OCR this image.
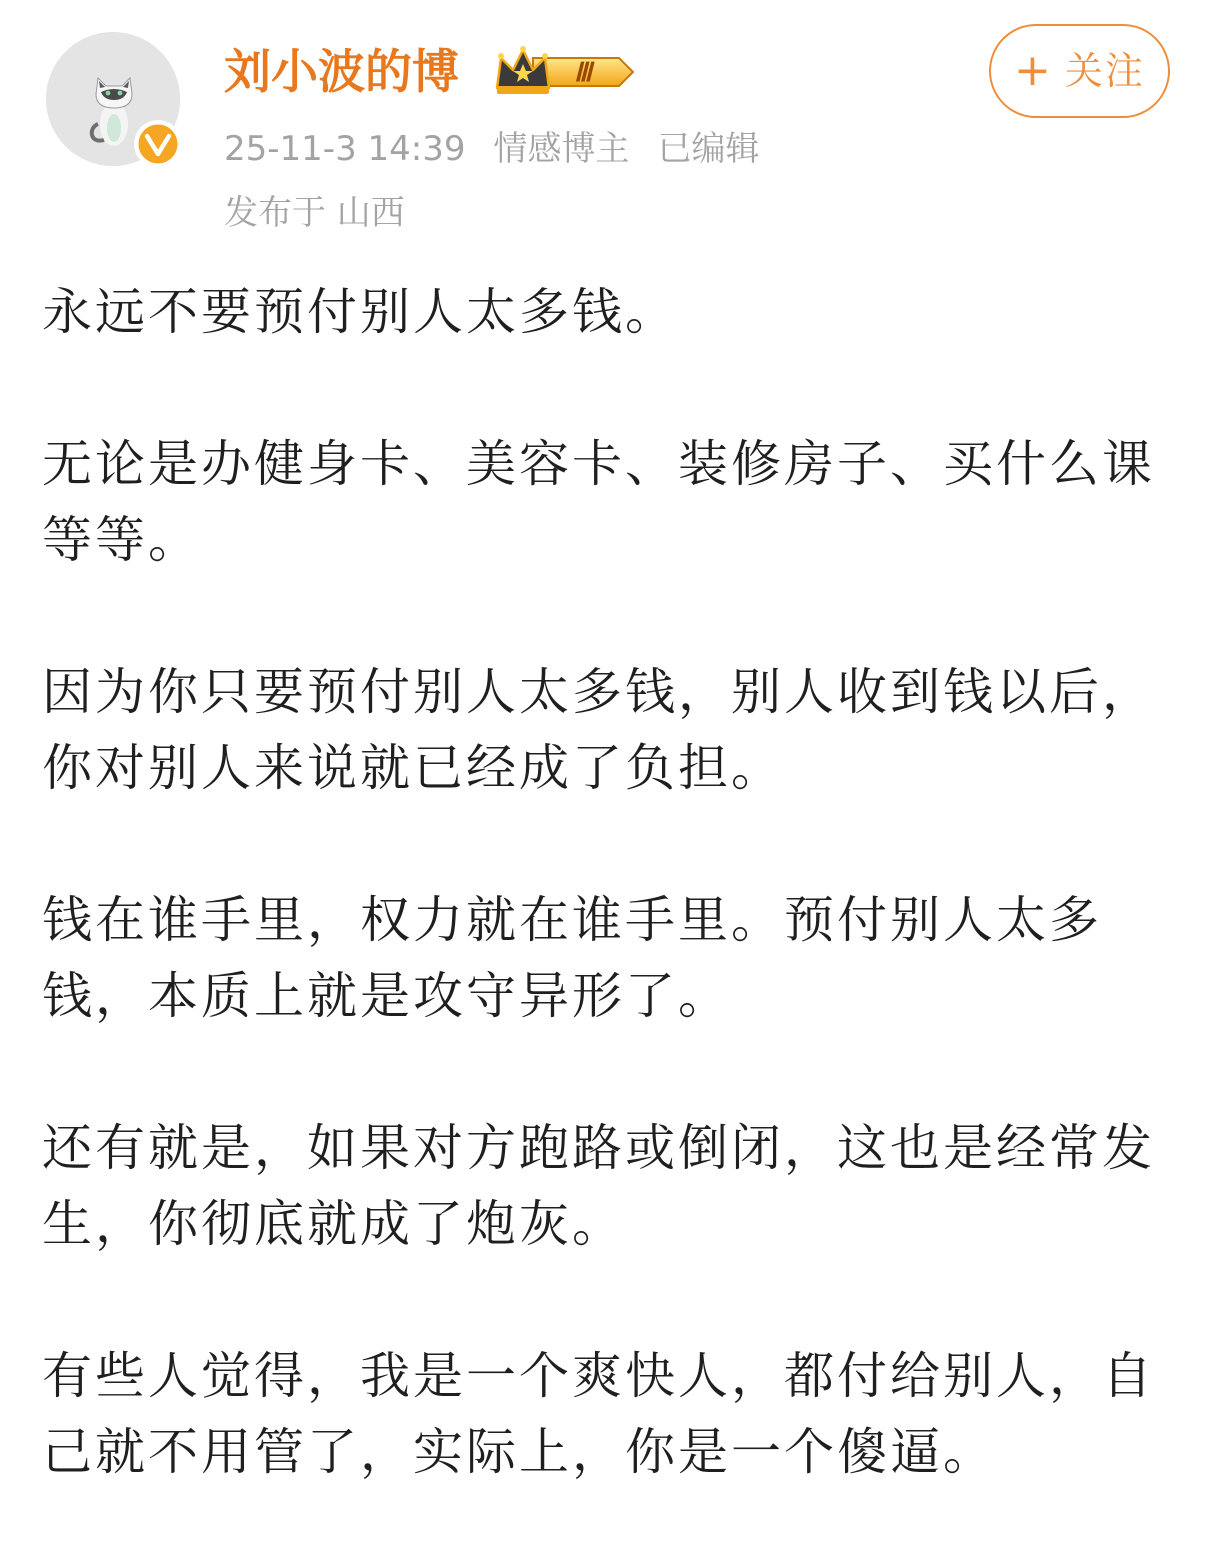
刘小波的博	Ⅲ	+ 关注
25-11-3 14:39 情感博主 已编辑
发布于 山西

永远不要预付别人太多钱。

无论是办健身卡、美容卡、装修房子、买什么课等等。

因为你只要预付别人太多钱，别人收到钱以后，你对别人来说就已经成了负担。

钱在谁手里，权力就在谁手里。预付别人太多钱，本质上就是攻守异形了。

还有就是，如果对方跑路或倒闭，这也是经常发生，你彻底就成了炮灰。

有些人觉得，我是一个爽快人，都付给别人，自己就不用管了，实际上，你是一个傻逼。
